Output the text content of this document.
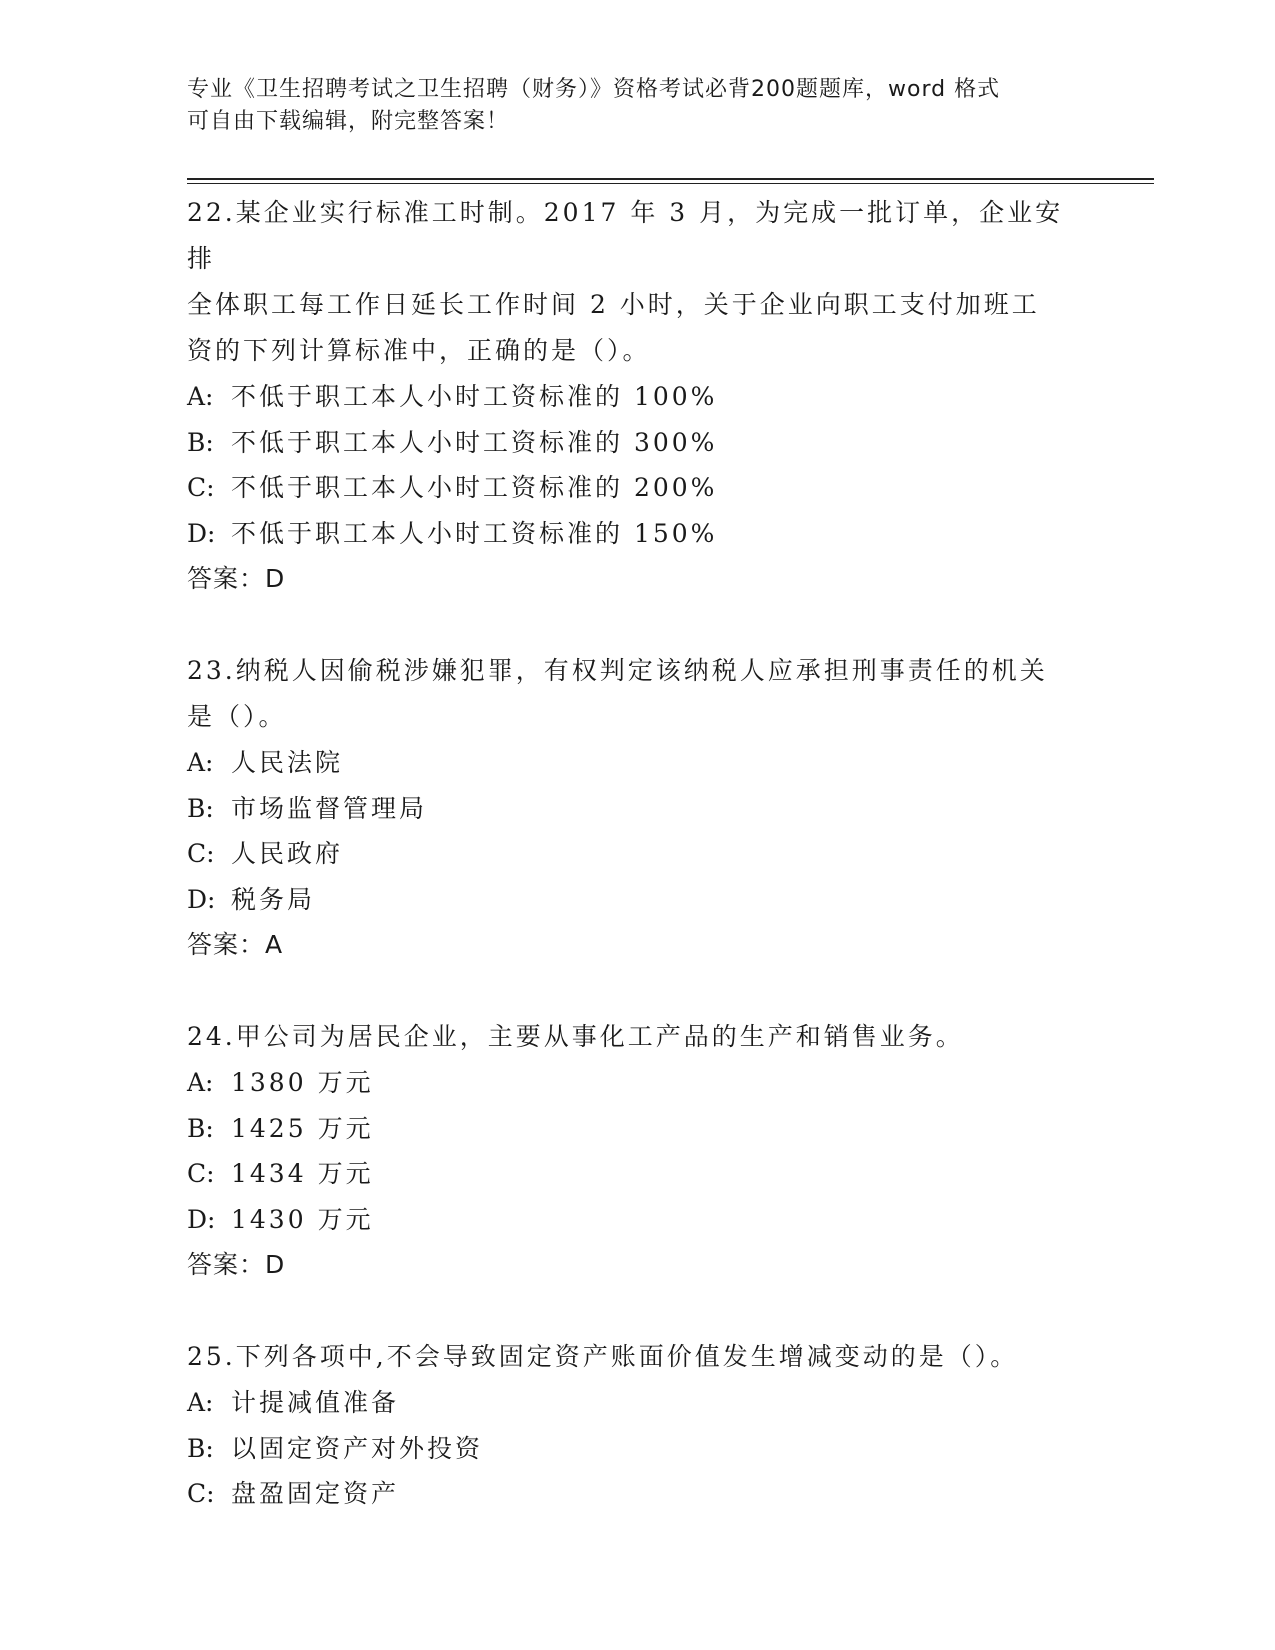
专业《卫生招聘考试之卫生招聘（财务）》资格考试必背200题题库，word 格式
可自由下载编辑，附完整答案！

22.某企业实行标准工时制。2017 年 3 月，为完成一批订单，企业安排

全体职工每工作日延长工作时间 2 小时，关于企业向职工支付加班工

资的下列计算标准中，正确的是（）。

A: 不低于职工本人小时工资标准的 100%

B: 不低于职工本人小时工资标准的 300%

C: 不低于职工本人小时工资标准的 200%

D: 不低于职工本人小时工资标准的 150%

答案：D

23.纳税人因偷税涉嫌犯罪，有权判定该纳税人应承担刑事责任的机关

是（）。

A: 人民法院

B: 市场监督管理局

C: 人民政府

D: 税务局

答案：A

24.甲公司为居民企业，主要从事化工产品的生产和销售业务。

A: 1380 万元

B: 1425 万元

C: 1434 万元

D: 1430 万元

答案：D

25.下列各项中,不会导致固定资产账面价值发生增减变动的是（）。

A: 计提减值准备

B: 以固定资产对外投资

C: 盘盈固定资产
